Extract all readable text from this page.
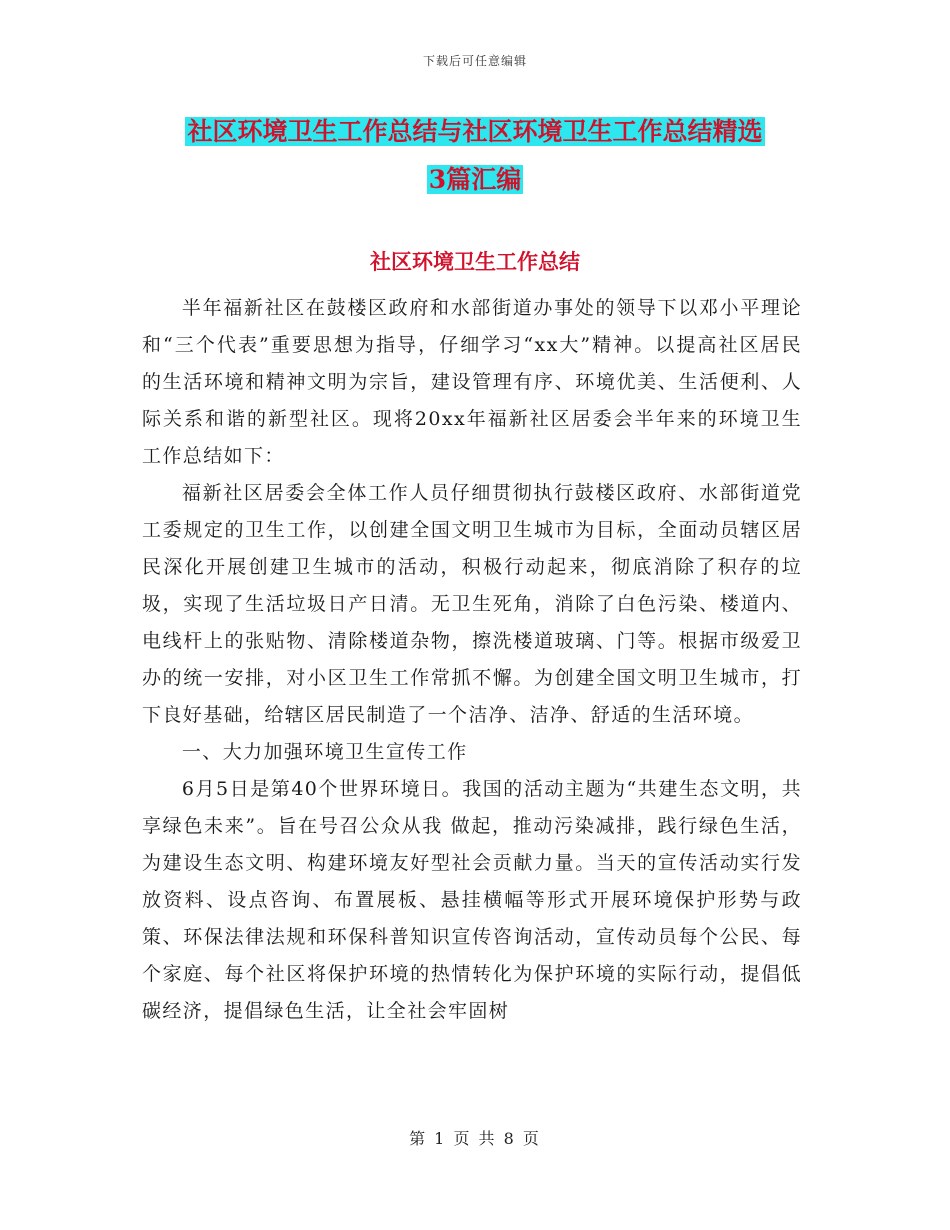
下载后可任意编辑
社区环境卫生工作总结与社区环境卫生工作总结精选
3篇汇编
社区环境卫生工作总结

半年福新社区在鼓楼区政府和水部街道办事处的领导下以邓小平理论和“三个代表”重要思想为指导，仔细学习“xx大”精神。以提高社区居民的生活环境和精神文明为宗旨，建设管理有序、环境优美、生活便利、人际关系和谐的新型社区。现将20xx年福新社区居委会半年来的环境卫生工作总结如下：

福新社区居委会全体工作人员仔细贯彻执行鼓楼区政府、水部街道党工委规定的卫生工作，以创建全国文明卫生城市为目标，全面动员辖区居民深化开展创建卫生城市的活动，积极行动起来，彻底消除了积存的垃圾，实现了生活垃圾日产日清。无卫生死角，消除了白色污染、楼道内、电线杆上的张贴物、清除楼道杂物，擦洗楼道玻璃、门等。根据市级爱卫办的统一安排，对小区卫生工作常抓不懈。为创建全国文明卫生城市，打下良好基础，给辖区居民制造了一个洁净、洁净、舒适的生活环境。

一、大力加强环境卫生宣传工作

6月5日是第40个世界环境日。我国的活动主题为“共建生态文明，共享绿色未来”。旨在号召公众从我 做起，推动污染减排，践行绿色生活，为建设生态文明、构建环境友好型社会贡献力量。当天的宣传活动实行发放资料、设点咨询、布置展板、悬挂横幅等形式开展环境保护形势与政策、环保法律法规和环保科普知识宣传咨询活动，宣传动员每个公民、每个家庭、每个社区将保护环境的热情转化为保护环境的实际行动，提倡低碳经济，提倡绿色生活，让全社会牢固树

第 1 页 共 8 页
